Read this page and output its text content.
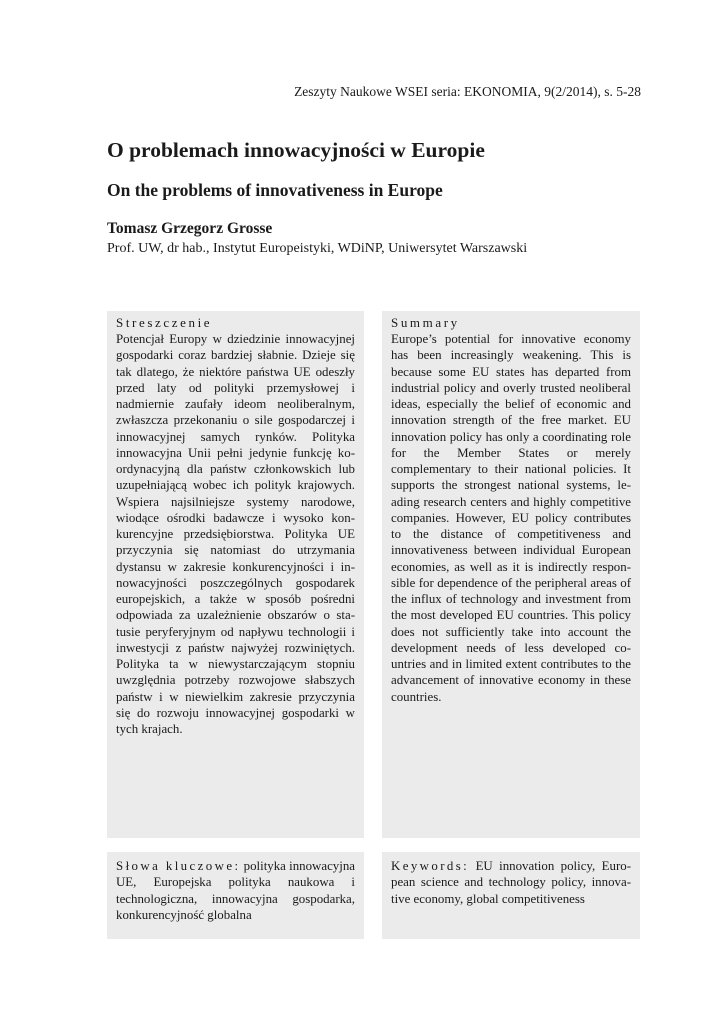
Zeszyty Naukowe WSEI seria: EKONOMIA, 9(2/2014), s. 5-28
O problemach innowacyjności w Europie
On the problems of innovativeness in Europe
Tomasz Grzegorz Grosse
Prof. UW, dr hab., Instytut Europeistyki, WDiNP, Uniwersytet Warszawski
Streszczenie
Potencjał Europy w dziedzinie innowacyjnej gospodarki coraz bardziej słabnie. Dzieje się tak dlatego, że niektóre państwa UE odeszły przed laty od polityki przemysłowej i nadmiernie zaufały ideom neoliberalnym, zwłaszcza przekonaniu o sile gospodarczej i innowacyjnej samych rynków. Polityka innowacyjna Unii pełni jedynie funkcję koordynacyjną dla państw członkowskich lub uzupełniającą wobec ich polityk krajowych. Wspiera najsilniejsze systemy narodowe, wiodące ośrodki badawcze i wysoko konkurencyjne przedsiębiorstwa. Polityka UE przyczynia się natomiast do utrzymania dystansu w zakresie konkurencyjności i innowacyjności poszczególnych gospodarek europejskich, a także w sposób pośredni odpowiada za uzależnienie obszarów o statusie peryferyjnym od napływu technologii i inwestycji z państw najwyżej rozwiniętych. Polityka ta w niewystarczającym stopniu uwzględnia potrzeby rozwojowe słabszych państw i w niewielkim zakresie przyczynia się do rozwoju innowacyjnej gospodarki w tych krajach.
Summary
Europe’s potential for innovative economy has been increasingly weakening. This is because some EU states has departed from industrial policy and overly trusted neoliberal ideas, especially the belief of economic and innovation strength of the free market. EU innovation policy has only a coordinating role for the Member States or merely complementary to their national policies. It supports the strongest national systems, leading research centers and highly competitive companies. However, EU policy contributes to the distance of competitiveness and innovativeness between individual European economies, as well as it is indirectly responsible for dependence of the peripheral areas of the influx of technology and investment from the most developed EU countries. This policy does not sufficiently take into account the development needs of less developed countries and in limited extent contributes to the advancement of innovative economy in these countries.
Słowa kluczowe: polityka innowacyjna UE, Europejska polityka naukowa i technologiczna, innowacyjna gospodarka, konkurencyjność globalna
Keywords: EU innovation policy, European science and technology policy, innovative economy, global competitiveness
